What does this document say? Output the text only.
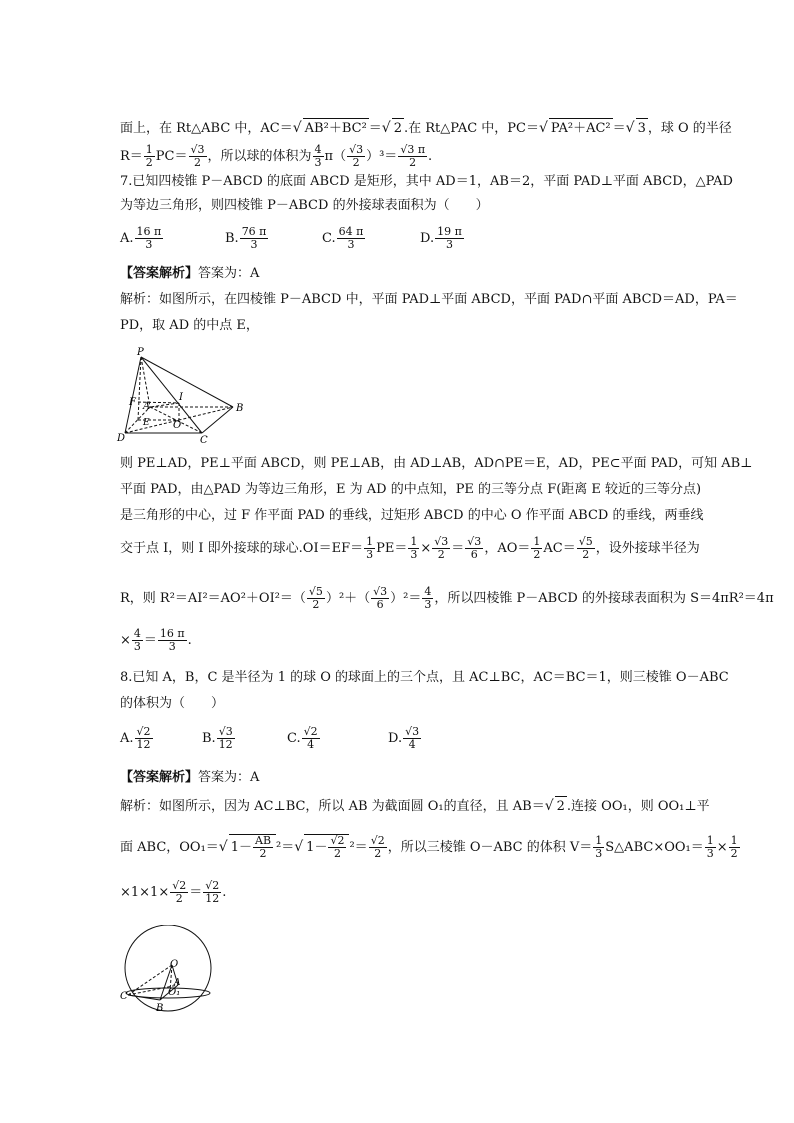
面上，在 Rt△ABC 中，AC＝√ AB²＋BC² ＝√ 2 .在 Rt△PAC 中，PC＝√ PA²＋AC² ＝√ 3 ，球 O 的半径
$R= \frac{1}{2} PC= \frac{√3}{2}$ ，所以球的体积为 $\frac{4}{3} \pi( \frac{√3}{2} )^3= \frac{√3 \pi}{2}$ .
7.已知四棱锥 P－ABCD 的底面 ABCD 是矩形，其中 AD＝1，AB＝2，平面 PAD⊥平面 ABCD，△PAD
为等边三角形，则四棱锥 P－ABCD 的外接球表面积为（　　）
A. $\frac{16 \pi}{3}$	B. $\frac{76 \pi}{3}$	C. $\frac{64 \pi}{3}$	D. $\frac{19 \pi}{3}$
【答案解析】答案为：A
解析：如图所示，在四棱锥 P－ABCD 中，平面 PAD⊥平面 ABCD，平面 PAD∩平面 ABCD＝AD，PA＝
PD，取 AD 的中点 E，
P
F A
I
B
E O
D	C
则 PE⊥AD，PE⊥平面 ABCD，则 PE⊥AB，由 AD⊥AB，AD∩PE＝E，AD，PE⊂平面 PAD，可知 AB⊥
平面 PAD，由△PAD 为等边三角形，E 为 AD 的中点知，PE 的三等分点 F(距离 E 较近的三等分点)
是三角形的中心，过 F 作平面 PAD 的垂线，过矩形 ABCD 的中心 O 作平面 ABCD 的垂线，两垂线
交于点 I，则 I 即外接球的球心$.OI=EF= \frac{1}{3} PE= \frac{1}{3} \times \frac{√3}{2} = \frac{√3}{6}$ ，$AO= \frac{1}{2} AC= \frac{√5}{2}$ ，设外接球半径为
R，则 $R^2=AI^2=AO^2+OI^2=( \frac{√5}{2} )^2+( \frac{√3}{6} )^2= \frac{4}{3}$ ，所以四棱锥 P－ABCD 的外接球表面积为 S＝4πR²＝4π
× $\frac{4}{3} = \frac{16 \pi}{3}$ .
8.已知 A，B，C 是半径为 1 的球 O 的球面上的三个点，且 AC⊥BC，AC＝BC＝1，则三棱锥 O－ABC
的体积为（　　）
A. $\frac{√2}{12}$	B. $\frac{√3}{12}$	C. $\frac{√2}{4}$	D. $\frac{√3}{4}$
【答案解析】答案为：A
解析：如图所示，因为 AC⊥BC，所以 AB 为截面圆 O₁的直径，且 AB＝√ 2 .连接 OO₁，则 OO₁⊥平
面 ABC，OO₁＝√ $1- \frac{AB}{2} ^2=√$ $1- \frac{√2}{2} ^2= \frac{√2}{2}$ ，所以三棱锥 O－ABC 的体积 $V= \frac{1}{3}$ S△ABC×OO₁＝ $\frac{1}{3} \times \frac{1}{2}$
$\times 1\times 1\times \frac{√2}{2} = \frac{√2}{12}$ .
O
A
O₁
C
B
